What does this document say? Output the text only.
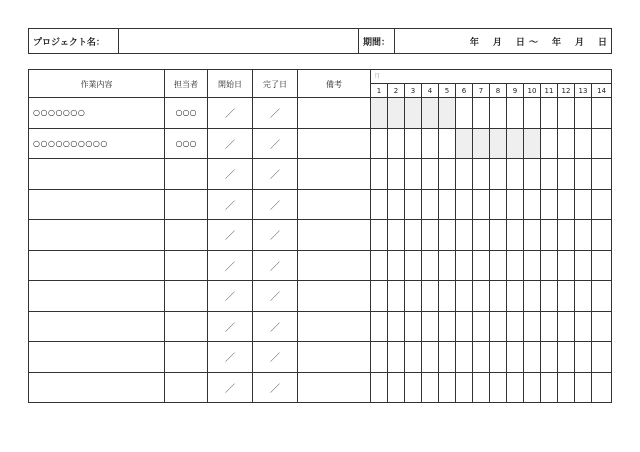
プロジェクト名：	期間：	年 月 日 ～ 年 月 日
作業内容	担当者	開始日	完了日	備考	月													
					1	2	3	4	5	6	7	8	9	10	11	12	13	14
○○○○○○○	○○○	／	／															
○○○○○○○○○○	○○○	／	／															
		／	／															
		／	／															
		／	／															
		／	／															
		／	／															
		／	／															
		／	／															
		／	／															
